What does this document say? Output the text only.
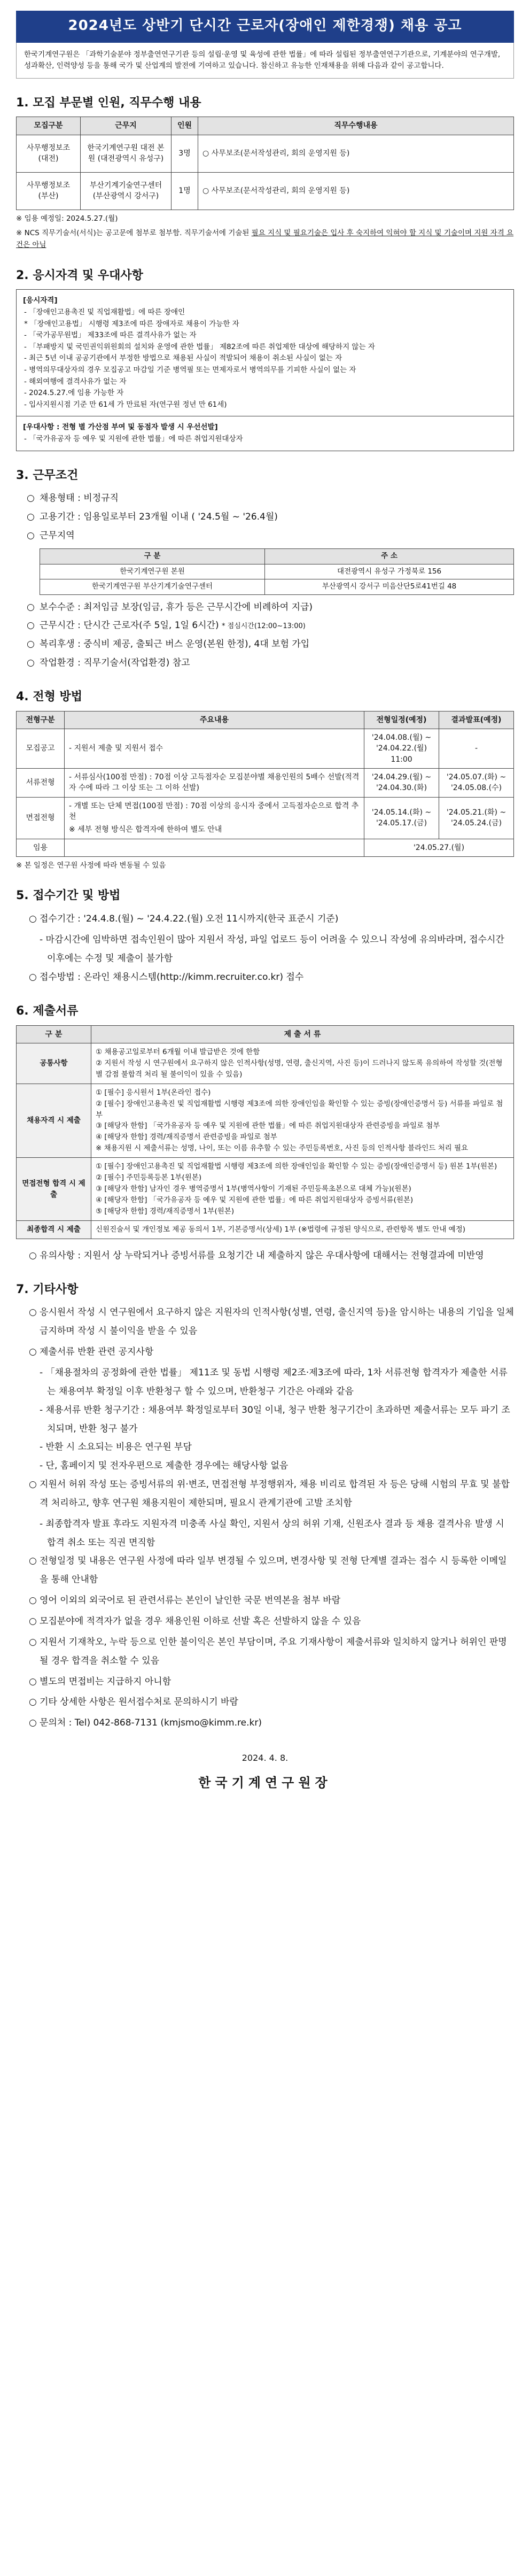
2024년도 상반기 단시간 근로자(장애인 제한경쟁) 채용 공고
한국기계연구원은 「과학기술분야 정부출연연구기관 등의 설립·운영 및 육성에 관한 법률」에 따라 설립된 정부출연연구기관으로, 기계분야의 연구개발, 성과확산, 인력양성 등을 통해 국가 및 산업계의 발전에 기여하고 있습니다. 참신하고 유능한 인재채용을 위해 다음과 같이 공고합니다.
1. 모집 부문별 인원, 직무수행 내용
모집구분	근무지	인원	직무수행내용
사무행정보조 (대전)	한국기계연구원 대전 본원 (대전광역시 유성구)	3명	○ 사무보조(문서작성관리, 회의 운영지원 등)
사무행정보조 (부산)	부산기계기술연구센터 (부산광역시 강서구)	1명	○ 사무보조(문서작성관리, 회의 운영지원 등)
※ 임용 예정일: 2024.5.27.(월)
※ NCS 직무기술서(서식)는 공고문에 첨부로 첨부함. 직무기술서에 기술된 필요 지식 및 필요기술은 입사 후 숙지하여 익혀야 할 지식 및 기술이며 지원 자격 요건은 아님
2. 응시자격 및 우대사항
[응시자격]
- 「장애인고용촉진 및 직업재활법」에 따른 장애인
* 「장애인고용법」 시행령 제3조에 따른 장애자로 채용이 가능한 자
- 「국가공무원법」 제33조에 따른 결격사유가 없는 자
- 「부패방지 및 국민권익위원회의 설치와 운영에 관한 법률」 제82조에 따른 취업제한 대상에 해당하지 않는 자
- 최근 5년 이내 공공기관에서 부정한 방법으로 채용된 사실이 적발되어 채용이 취소된 사실이 없는 자
- 병역의무대상자의 경우 모집공고 마감일 기준 병역필 또는 면제자로서 병역의무를 기피한 사실이 없는 자
- 해외여행에 결격사유가 없는 자
- 2024.5.27.에 임용 가능한 자
- 입사지원시점 기준 만 61세 가 만료된 자(연구원 정년 만 61세)
[우대사항 : 전형 별 가산점 부여 및 동점자 발생 시 우선선발]
- 「국가유공자 등 예우 및 지원에 관한 법률」에 따른 취업지원대상자
3. 근무조건
○ 채용형태 : 비정규직
○ 고용기간 : 임용일로부터 23개월 이내 ( '24.5월 ~ '26.4월)
○ 근무지역
구 분	주 소
한국기계연구원 본원	대전광역시 유성구 가정북로 156
한국기계연구원 부산기계기술연구센터	부산광역시 강서구 미음산단5로41번길 48
○ 보수수준 : 최저임금 보장(임금, 휴가 등은 근무시간에 비례하여 지급)
○ 근무시간 : 단시간 근로자(주 5일, 1일 6시간) * 점심시간(12:00~13:00)
○ 복리후생 : 중식비 제공, 출퇴근 버스 운영(본원 한정), 4대 보험 가입
○ 작업환경 : 직무기술서(작업환경) 참고
4. 전형 방법
전형구분	주요내용	전형일정(예정)	결과발표(예정)
모집공고	- 지원서 제출 및 지원서 접수	'24.04.08.(월) ~ '24.04.22.(월) 11:00	-
서류전형	- 서류심사(100점 만점) : 70점 이상 고득점자순 모집분야별 채용인원의 5배수 선발(적격자 수에 따라 그 이상 또는 그 이하 선발)	'24.04.29.(월) ~ '24.04.30.(화)	'24.05.07.(화) ~ '24.05.08.(수)
면접전형	- 개별 또는 단체 면접(100점 만점) : 70점 이상의 응시자 중에서 고득점자순으로 합격 추천
※ 세부 전형 방식은 합격자에 한하여 별도 안내	'24.05.14.(화) ~ '24.05.17.(금)	'24.05.21.(화) ~ '24.05.24.(금)
임용		'24.05.27.(월)	
※ 본 일정은 연구원 사정에 따라 변동될 수 있음
5. 접수기간 및 방법
○ 접수기간 : '24.4.8.(월) ~ '24.4.22.(월) 오전 11시까지(한국 표준시 기준)
- 마감시간에 임박하면 접속인원이 많아 지원서 작성, 파일 업로드 등이 어려울 수 있으니 작성에 유의바라며, 접수시간 이후에는 수정 및 제출이 불가함
○ 접수방법 : 온라인 채용시스템(http://kimm.recruiter.co.kr) 접수
6. 제출서류
구 분	제 출 서 류
공통사항	① 채용공고일로부터 6개월 이내 발급받은 것에 한함
② 지원서 작성 시 연구원에서 요구하지 않은 인적사항(성명, 연령, 출신지역, 사진 등)이 드러나지 않도록 유의하여 작성할 것(전형별 감점 불합격 처리 될 불이익이 있을 수 있음)

채용자격 시 제출	① [필수] 응시원서 1부(온라인 접수)
② [필수] 장애인고용촉진 및 직업재활법 시행령 제3조에 의한 장애인임을 확인할 수 있는 증빙(장애인증명서 등) 서류를 파일로 첨부
③ [해당자 한함] 「국가유공자 등 예우 및 지원에 관한 법률」에 따른 취업지원대상자 관련증빙을 파일로 첨부
④ [해당자 한함] 경력/재직증명서 관련증빙을 파일로 첨부
※ 채용지원 시 제출서류는 성명, 나이, 또는 이름 유추할 수 있는 주민등록번호, 사진 등의 인적사항 블라인드 처리 필요

면접전형 합격 시 제출	① [필수] 장애인고용촉진 및 직업재활법 시행령 제3조에 의한 장애인임을 확인할 수 있는 증빙(장애인증명서 등) 원본 1부(원본)
② [필수] 주민등록등본 1부(원본)
③ [해당자 한함] 남자인 경우 병역증명서 1부(병역사항이 기재된 주민등록초본으로 대체 가능)(원본)
④ [해당자 한함] 「국가유공자 등 예우 및 지원에 관한 법률」에 따른 취업지원대상자 증빙서류(원본)
⑤ [해당자 한함] 경력/재직증명서 1부(원본)

최종합격 시 제출	신원진술서 및 개인정보 제공 동의서 1부, 기본증명서(상세) 1부 (※법령에 규정된 양식으로, 관련항목 별도 안내 예정)
○ 유의사항 : 지원서 상 누락되거나 증빙서류를 요청기간 내 제출하지 않은 우대사항에 대해서는 전형결과에 미반영
7. 기타사항
○ 응시원서 작성 시 연구원에서 요구하지 않은 지원자의 인적사항(성별, 연령, 출신지역 등)을 암시하는 내용의 기입을 일체 금지하며 작성 시 불이익을 받을 수 있음
○ 제출서류 반환 관련 공지사항
- 「채용절차의 공정화에 관한 법률」 제11조 및 동법 시행령 제2조·제3조에 따라, 1차 서류전형 합격자가 제출한 서류는 채용여부 확정일 이후 반환청구 할 수 있으며, 반환청구 기간은 아래와 같음
- 채용서류 반환 청구기간 : 채용여부 확정일로부터 30일 이내, 청구 반환 청구기간이 초과하면 제출서류는 모두 파기 조치되며, 반환 청구 불가
- 반환 시 소요되는 비용은 연구원 부담
- 단, 홈페이지 및 전자우편으로 제출한 경우에는 해당사항 없음
○ 지원서 허위 작성 또는 증빙서류의 위·변조, 면접전형 부정행위자, 채용 비리로 합격된 자 등은 당해 시험의 무효 및 불합격 처리하고, 향후 연구원 채용지원이 제한되며, 필요시 관계기관에 고발 조치함
- 최종합격자 발표 후라도 지원자격 미충족 사실 확인, 지원서 상의 허위 기재, 신원조사 결과 등 채용 결격사유 발생 시 합격 취소 또는 직권 면직함
○ 전형일정 및 내용은 연구원 사정에 따라 일부 변경될 수 있으며, 변경사항 및 전형 단계별 결과는 접수 시 등록한 이메일을 통해 안내함
○ 영어 이외의 외국어로 된 관련서류는 본인이 날인한 국문 번역본을 첨부 바람
○ 모집분야에 적격자가 없을 경우 채용인원 이하로 선발 혹은 선발하지 않을 수 있음
○ 지원서 기재착오, 누락 등으로 인한 불이익은 본인 부담이며, 주요 기재사항이 제출서류와 일치하지 않거나 허위인 판명될 경우 합격을 취소할 수 있음
○ 별도의 면접비는 지급하지 아니함
○ 기타 상세한 사항은 원서접수처로 문의하시기 바람
○ 문의처 : Tel) 042-868-7131 (kmjsmo@kimm.re.kr)
2024. 4. 8.
한국기계연구원장
